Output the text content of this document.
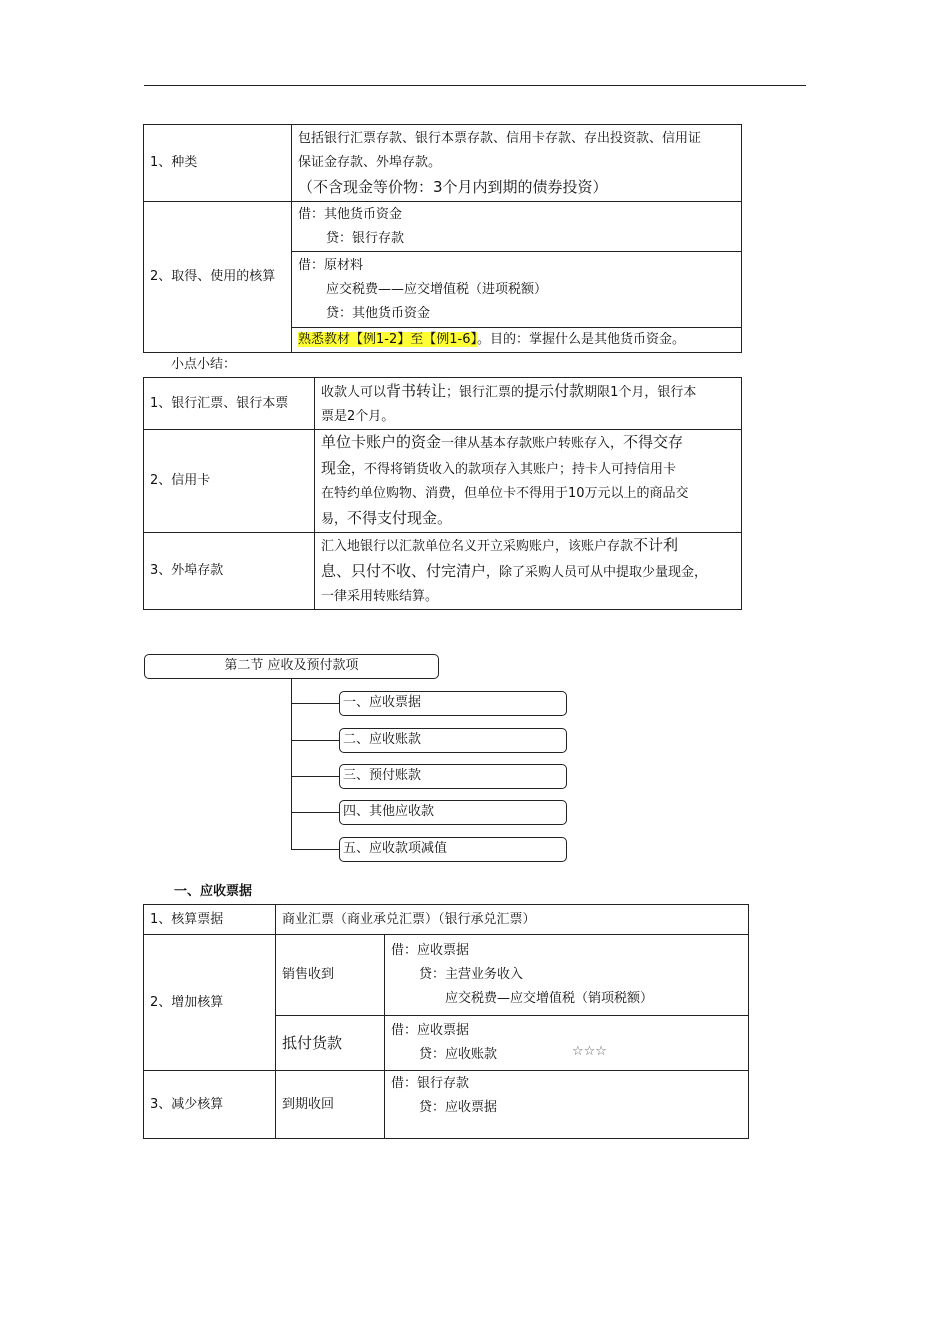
1、种类	包括银行汇票存款、银行本票存款、信用卡存款、存出投资款、信用证
保证金存款、外埠存款。
（不含现金等价物：3个月内到期的债券投资）

2、取得、使用的核算	借：其他货币资金
贷：银行存款

	借：原材料
应交税费——应交增值税（进项税额）
贷：其他货币资金

	熟悉教材【例1-2】至【例1-6】。目的：掌握什么是其他货币资金。
小点小结：
1、银行汇票、银行本票	收款人可以背书转让；银行汇票的提示付款期限1个月，银行本
票是2个月。
2、信用卡	单位卡账户的资金一律从基本存款账户转账存入，不得交存
现金，不得将销货收入的款项存入其账户；持卡人可持信用卡
在特约单位购物、消费，但单位卡不得用于10万元以上的商品交
易，不得支付现金。
3、外埠存款	汇入地银行以汇款单位名义开立采购账户，该账户存款不计利
息、只付不收、付完清户，除了采购人员可从中提取少量现金，
一律采用转账结算。
第二节 应收及预付款项
一、应收票据
二、应收账款
三、预付账款
四、其他应收款
五、应收款项减值
一、应收票据
1、核算票据	商业汇票（商业承兑汇票）（银行承兑汇票）	
2、增加核算	销售收到	借：应收票据
贷：主营业务收入
应交税费—应交增值税（销项税额）

	抵付货款	借：应收票据
贷：应收账款

3、减少核算	到期收回	借：银行存款
贷：应收票据
☆☆☆
